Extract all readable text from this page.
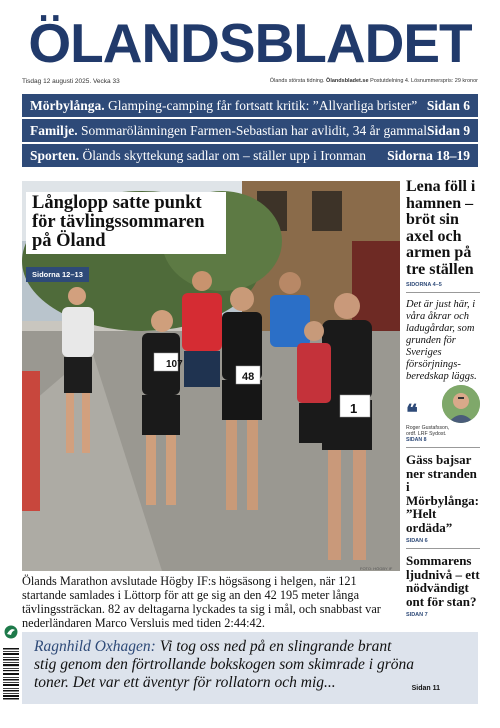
ÖLANDSBLADET
Tisdag 12 augusti 2025. Vecka 33	Ölands största tidning. Ölandsbladet.se Postutdelning 4. Lösnummerspris: 29 kronor
Mörbylånga. Glamping-camping får fortsatt kritik: ”Allvarliga brister” Sidan 6
Familje. Sommarölänningen Farmen-Sebastian har avlidit, 34 år gammal Sidan 9
Sporten. Ölands skyttekung sadlar om – ställer upp i Ironman Sidorna 18–19
107
48
1
Långlopp satte punkt för tävlingssommaren på Öland
Sidorna 12–13
FOTO: HÖGBY IF
Ölands Marathon avslutade Högby IF:s högsäsong i helgen, när 121 startande samlades i Löttorp för att ge sig an den 42 195 meter långa tävlingssträckan. 82 av deltagarna lyckades ta sig i mål, och snabbast var nederländaren Marco Versluis med tiden 2:44:42.
Lena föll i hamnen – bröt sin axel och armen på tre ställen
SIDORNA 4–5
Det är just här, i våra åkrar och ladugårdar, som grunden för Sveriges försörjnings-beredskap läggs.
❝
Roger Gustafsson,
ordf. LRF Sydost.
SIDAN 8
Gäss bajsar ner stranden i Mörbylånga: ”Helt ordäda”
SIDAN 6
Sommarens ljudnivå – ett nödvändigt ont för stan?
SIDAN 7
Ragnhild Oxhagen: Vi tog oss ned på en slingrande brant stig genom den förtrollande bokskogen som skimrade i gröna toner. Det var ett äventyr för rollatorn och mig...	Sidan 11
